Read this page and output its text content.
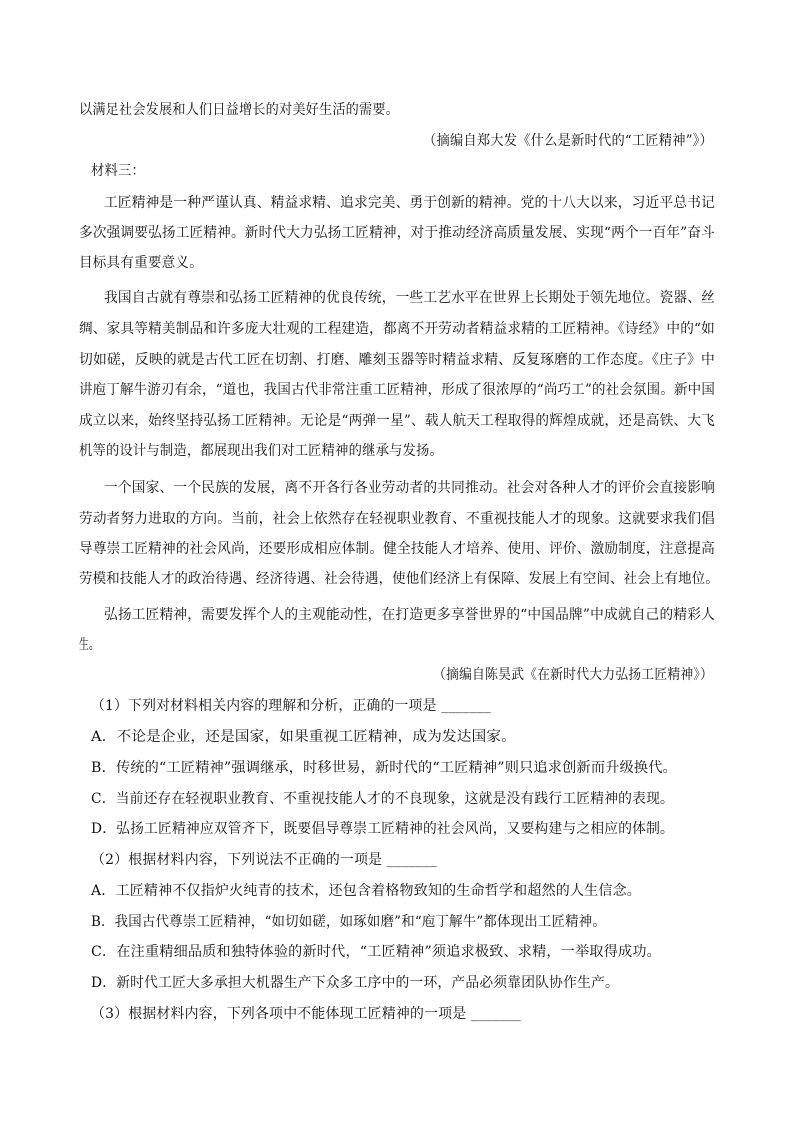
以满足社会发展和人们日益增长的对美好生活的需要。
（摘编自郑大发《什么是新时代的“工匠精神”》）
材料三：
工匠精神是一种严谨认真、精益求精、追求完美、勇于创新的精神。党的十八大以来，习近平总书记
多次强调要弘扬工匠精神。新时代大力弘扬工匠精神，对于推动经济高质量发展、实现“两个一百年”奋斗
目标具有重要意义。
我国自古就有尊崇和弘扬工匠精神的优良传统，一些工艺水平在世界上长期处于领先地位。瓷器、丝
绸、家具等精美制品和许多庞大壮观的工程建造，都离不开劳动者精益求精的工匠精神。《诗经》中的“如
切如磋，反映的就是古代工匠在切割、打磨、雕刻玉器等时精益求精、反复琢磨的工作态度。《庄子》中
讲庖丁解牛游刃有余，“道也，我国古代非常注重工匠精神，形成了很浓厚的“尚巧工”的社会氛围。新中国
成立以来，始终坚持弘扬工匠精神。无论是“两弹一星”、载人航天工程取得的辉煌成就，还是高铁、大飞
机等的设计与制造，都展现出我们对工匠精神的继承与发扬。
一个国家、一个民族的发展，离不开各行各业劳动者的共同推动。社会对各种人才的评价会直接影响
劳动者努力进取的方向。当前，社会上依然存在轻视职业教育、不重视技能人才的现象。这就要求我们倡
导尊崇工匠精神的社会风尚，还要形成相应体制。健全技能人才培养、使用、评价、激励制度，注意提高
劳模和技能人才的政治待遇、经济待遇、社会待遇，使他们经济上有保障、发展上有空间、社会上有地位。
弘扬工匠精神，需要发挥个人的主观能动性，在打造更多享誉世界的“中国品牌”中成就自己的精彩人
生。
（摘编自陈昊武《在新时代大力弘扬工匠精神》）
（1）下列对材料相关内容的理解和分析，正确的一项是 _______
A．不论是企业，还是国家，如果重视工匠精神，成为发达国家。
B．传统的“工匠精神”强调继承，时移世易，新时代的“工匠精神”则只追求创新而升级换代。
C．当前还存在轻视职业教育、不重视技能人才的不良现象，这就是没有践行工匠精神的表现。
D．弘扬工匠精神应双管齐下，既要倡导尊崇工匠精神的社会风尚，又要构建与之相应的体制。
（2）根据材料内容，下列说法不正确的一项是 _______
A．工匠精神不仅指炉火纯青的技术，还包含着格物致知的生命哲学和超然的人生信念。
B．我国古代尊崇工匠精神，“如切如磋，如琢如磨”和“庖丁解牛”都体现出工匠精神。
C．在注重精细品质和独特体验的新时代，“工匠精神”须追求极致、求精，一举取得成功。
D．新时代工匠大多承担大机器生产下众多工序中的一环，产品必须靠团队协作生产。
（3）根据材料内容，下列各项中不能体现工匠精神的一项是 _______
